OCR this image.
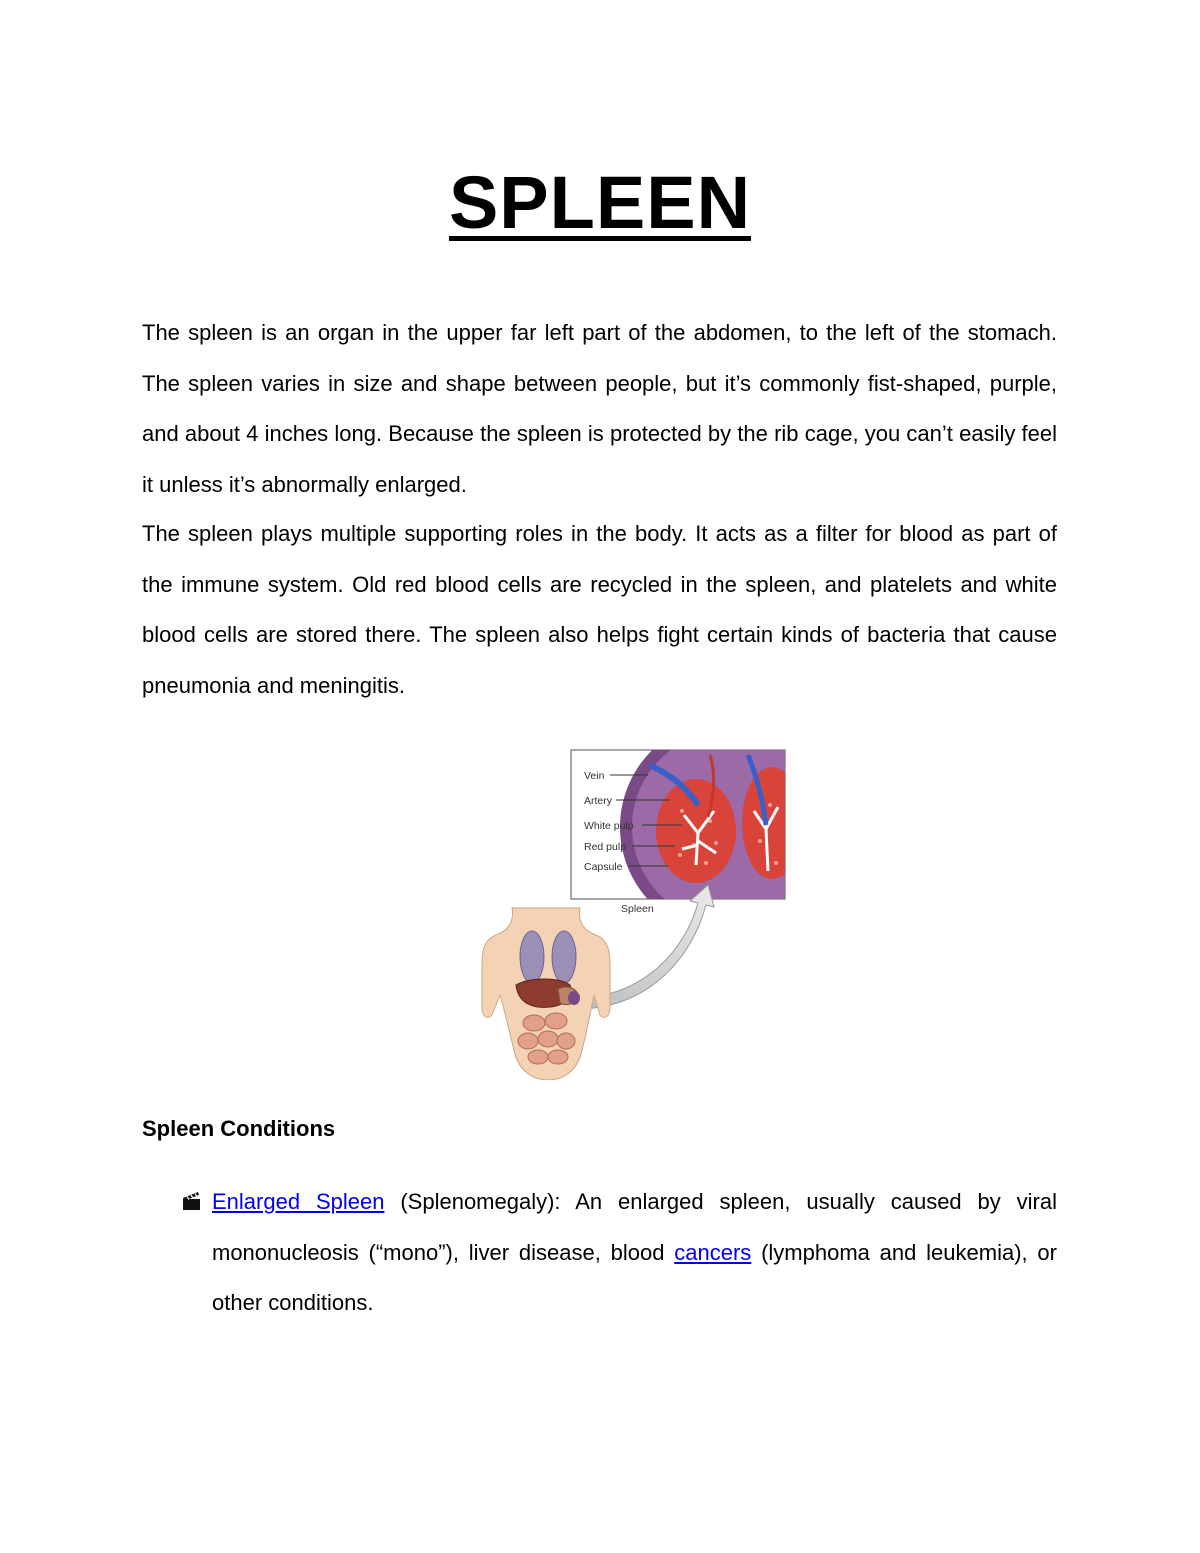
SPLEEN

The spleen is an organ in the upper far left part of the abdomen, to the left of the stomach. The spleen varies in size and shape between people, but it’s commonly fist-shaped, purple, and about 4 inches long. Because the spleen is protected by the rib cage, you can’t easily feel it unless it’s abnormally enlarged.

The spleen plays multiple supporting roles in the body. It acts as a filter for blood as part of the immune system. Old red blood cells are recycled in the spleen, and platelets and white blood cells are stored there. The spleen also helps fight certain kinds of bacteria that cause pneumonia and meningitis.

Vein
Artery
White pulp
Red pulp
Capsule
Spleen
Spleen Conditions

Enlarged Spleen (Splenomegaly): An enlarged spleen, usually caused by viral mononucleosis (“mono”), liver disease, blood cancers (lymphoma and leukemia), or other conditions.
